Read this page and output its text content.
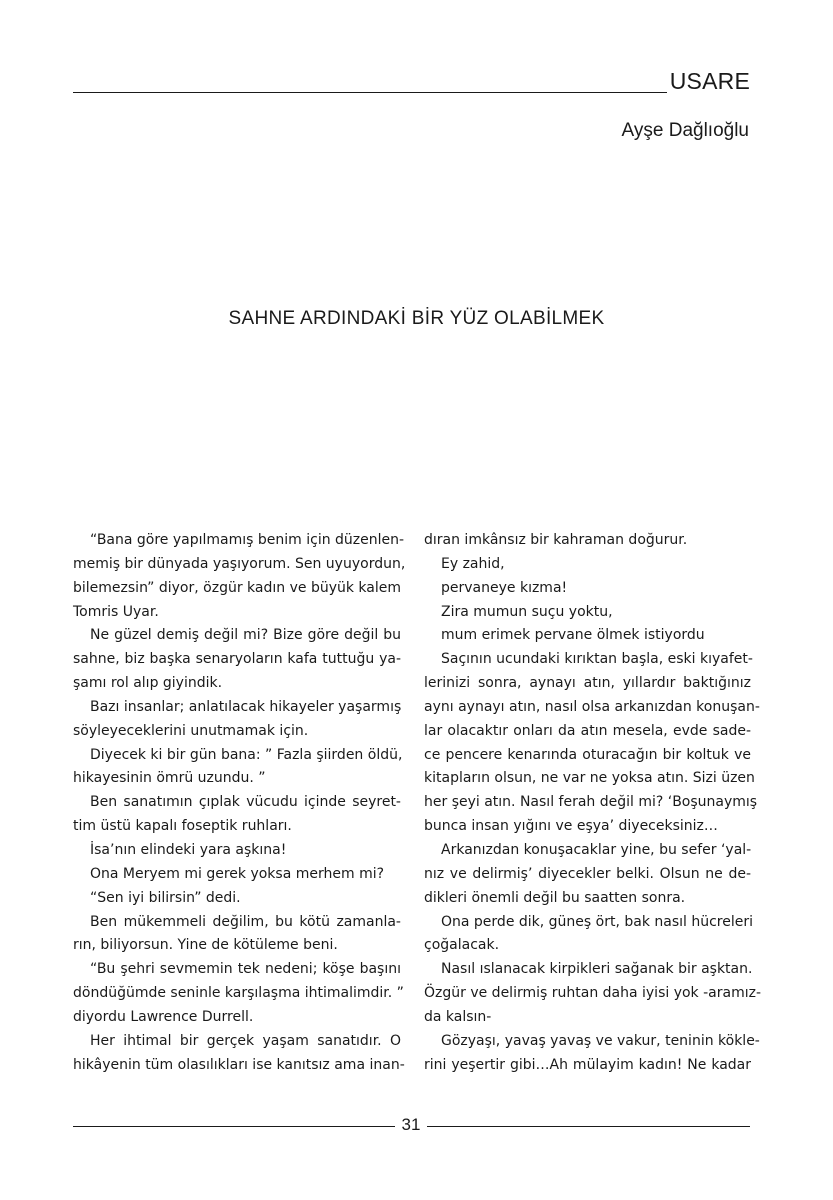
USARE
Ayşe Dağlıoğlu
SAHNE ARDINDAKİ BİR YÜZ OLABİLMEK
“Bana göre yapılmamış benim için düzenlen-
memiş bir dünyada yaşıyorum. Sen uyuyordun,
bilemezsin” diyor, özgür kadın ve büyük kalem
Tomris Uyar.
Ne güzel demiş değil mi? Bize göre değil bu
sahne, biz başka senaryoların kafa tuttuğu ya-
şamı rol alıp giyindik.
Bazı insanlar; anlatılacak hikayeler yaşarmış
söyleyeceklerini unutmamak için.
Diyecek ki bir gün bana: ” Fazla şiirden öldü,
hikayesinin ömrü uzundu. ”
Ben sanatımın çıplak vücudu içinde seyret-
tim üstü kapalı foseptik ruhları.
İsa’nın elindeki yara aşkına!
Ona Meryem mi gerek yoksa merhem mi?
“Sen iyi bilirsin” dedi.
Ben mükemmeli değilim, bu kötü zamanla-
rın, biliyorsun. Yine de kötüleme beni.
“Bu şehri sevmemin tek nedeni; köşe başını
döndüğümde seninle karşılaşma ihtimalimdir. ”
diyordu Lawrence Durrell.
Her ihtimal bir gerçek yaşam sanatıdır. O
hikâyenin tüm olasılıkları ise kanıtsız ama inan-
dıran imkânsız bir kahraman doğurur.
Ey zahid,
pervaneye kızma!
Zira mumun suçu yoktu,
mum erimek pervane ölmek istiyordu
Saçının ucundaki kırıktan başla, eski kıyafet-
lerinizi sonra, aynayı atın, yıllardır baktığınız
aynı aynayı atın, nasıl olsa arkanızdan konuşan-
lar olacaktır onları da atın mesela, evde sade-
ce pencere kenarında oturacağın bir koltuk ve
kitapların olsun, ne var ne yoksa atın. Sizi üzen
her şeyi atın. Nasıl ferah değil mi? ‘Boşunaymış
bunca insan yığını ve eşya’ diyeceksiniz…
Arkanızdan konuşacaklar yine, bu sefer ‘yal-
nız ve delirmiş’ diyecekler belki. Olsun ne de-
dikleri önemli değil bu saatten sonra.
Ona perde dik, güneş ört, bak nasıl hücreleri
çoğalacak.
Nasıl ıslanacak kirpikleri sağanak bir aşktan.
Özgür ve delirmiş ruhtan daha iyisi yok -aramız-
da kalsın-
Gözyaşı, yavaş yavaş ve vakur, teninin kökle-
rini yeşertir gibi…Ah mülayim kadın! Ne kadar
31
